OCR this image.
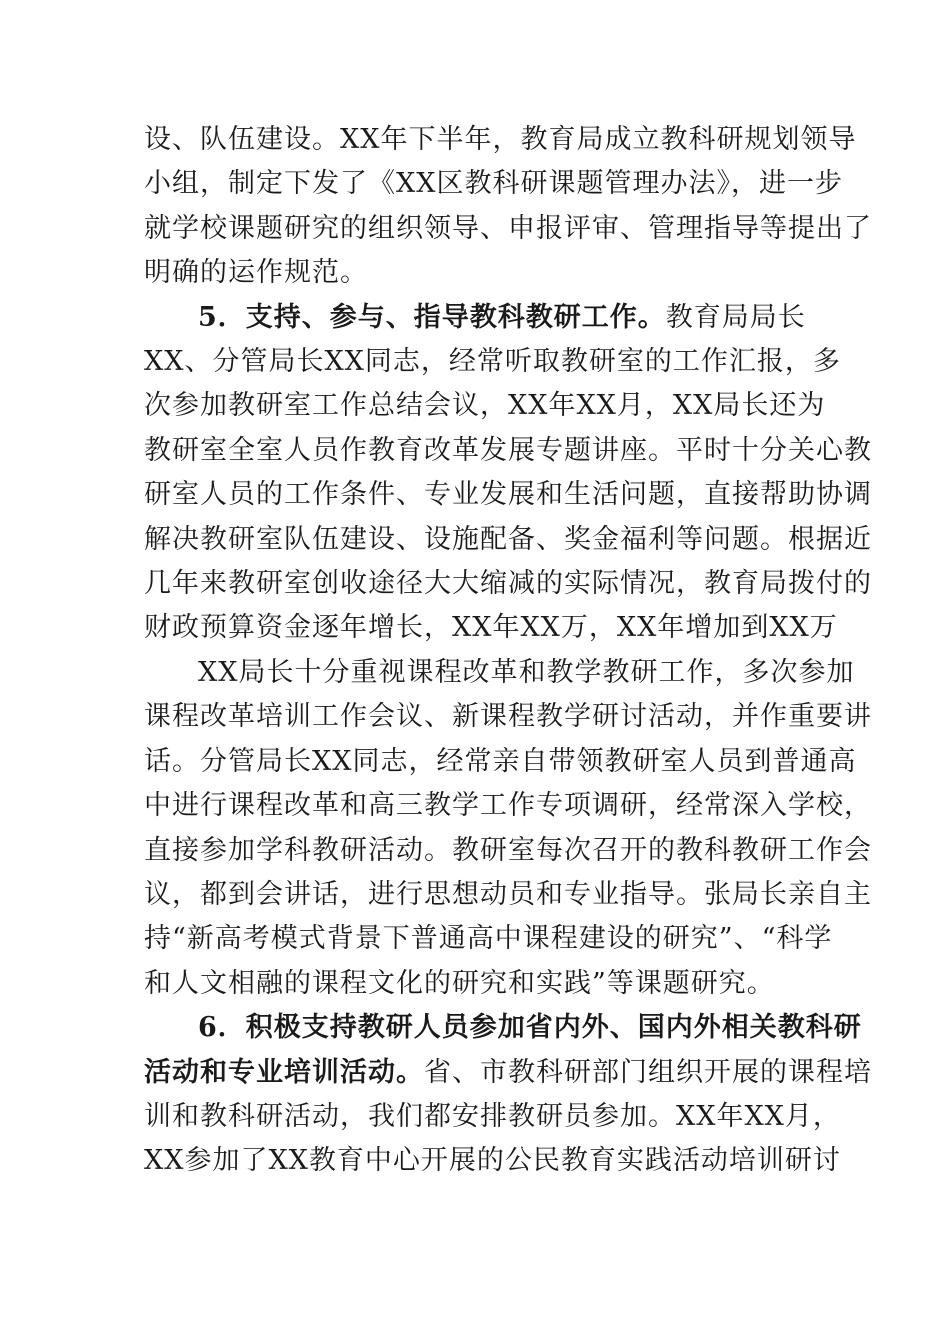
设、队伍建设。XX年下半年，教育局成立教科研规划领导
小组，制定下发了《XX区教科研课题管理办法》，进一步
就学校课题研究的组织领导、申报评审、管理指导等提出了
明确的运作规范。
5．支持、参与、指导教科教研工作。教育局局长
XX、分管局长XX同志，经常听取教研室的工作汇报，多
次参加教研室工作总结会议，XX年XX月，XX局长还为
教研室全室人员作教育改革发展专题讲座。平时十分关心教
研室人员的工作条件、专业发展和生活问题，直接帮助协调
解决教研室队伍建设、设施配备、奖金福利等问题。根据近
几年来教研室创收途径大大缩减的实际情况，教育局拨付的
财政预算资金逐年增长，XX年XX万，XX年增加到XX万
XX局长十分重视课程改革和教学教研工作，多次参加
课程改革培训工作会议、新课程教学研讨活动，并作重要讲
话。分管局长XX同志，经常亲自带领教研室人员到普通高
中进行课程改革和高三教学工作专项调研，经常深入学校，
直接参加学科教研活动。教研室每次召开的教科教研工作会
议，都到会讲话，进行思想动员和专业指导。张局长亲自主
持“新高考模式背景下普通高中课程建设的研究”、“科学
和人文相融的课程文化的研究和实践”等课题研究。
6．积极支持教研人员参加省内外、国内外相关教科研
活动和专业培训活动。省、市教科研部门组织开展的课程培
训和教科研活动，我们都安排教研员参加。XX年XX月，
XX参加了XX教育中心开展的公民教育实践活动培训研讨
